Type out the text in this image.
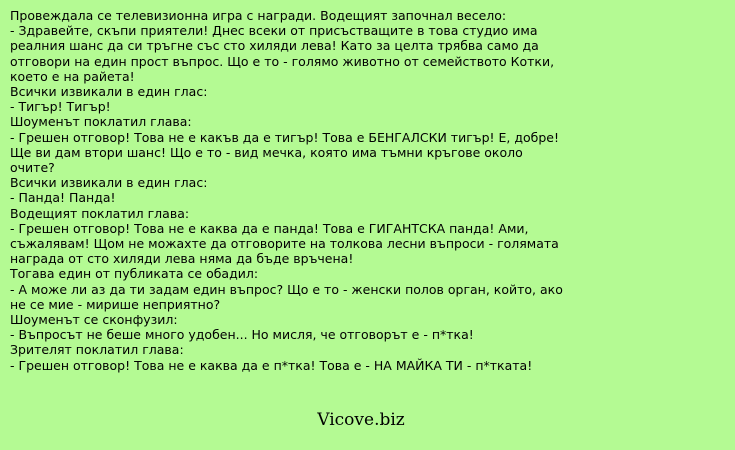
Провеждала се телевизионна игра с награди. Водещият започнал весело:
- Здравейте, скъпи приятели! Днес всеки от присъстващите в това студио има реалния шанс да си тръгне със сто хиляди лева! Като за целта трябва само да отговори на един прост въпрос. Що е то - голямо животно от семейството Котки, което е на райета!
Всички извикали в един глас:
- Тигър! Тигър!
Шоуменът поклатил глава:
- Грешен отговор! Това не е какъв да е тигър! Това е БЕНГАЛСКИ тигър! Е, добре! Ще ви дам втори шанс! Що е то - вид мечка, която има тъмни кръгове около очите?
Всички извикали в един глас:
- Панда! Панда!
Водещият поклатил глава:
- Грешен отговор! Това не е каква да е панда! Това е ГИГАНТСКА панда! Ами, съжалявам! Щом не можахте да отговорите на толкова лесни въпроси - голямата награда от сто хиляди лева няма да бъде връчена!
Тогава един от публиката се обадил:
- А може ли аз да ти задам един въпрос? Що е то - женски полов орган, който, ако не се мие - мирише неприятно?
Шоуменът се сконфузил:
- Въпросът не беше много удобен... Но мисля, че отговорът е - п*тка!
Зрителят поклатил глава:
- Грешен отговор! Това не е каква да е п*тка! Това е - НА МАЙКА ТИ - п*тката!
Vicove.biz
